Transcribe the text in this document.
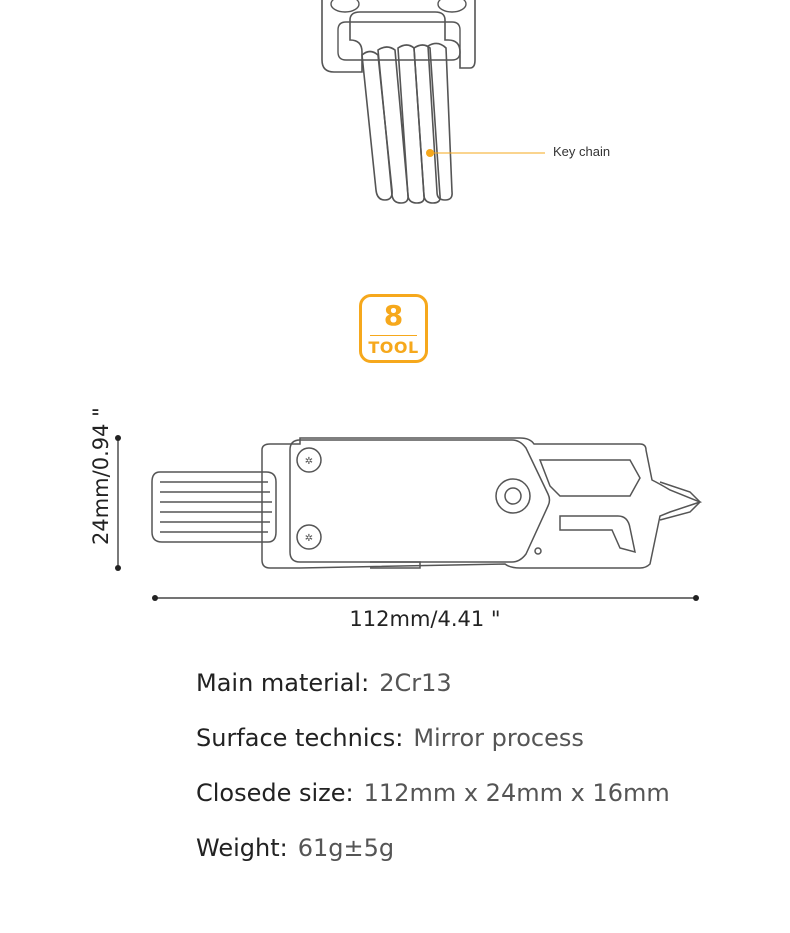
Key chain
8
TOOL
✲
✲
24mm/0.94 "
112mm/4.41 "
Main material: 2Cr13
Surface technics: Mirror process
Closede size: 112mm x 24mm x 16mm
Weight: 61g±5g
